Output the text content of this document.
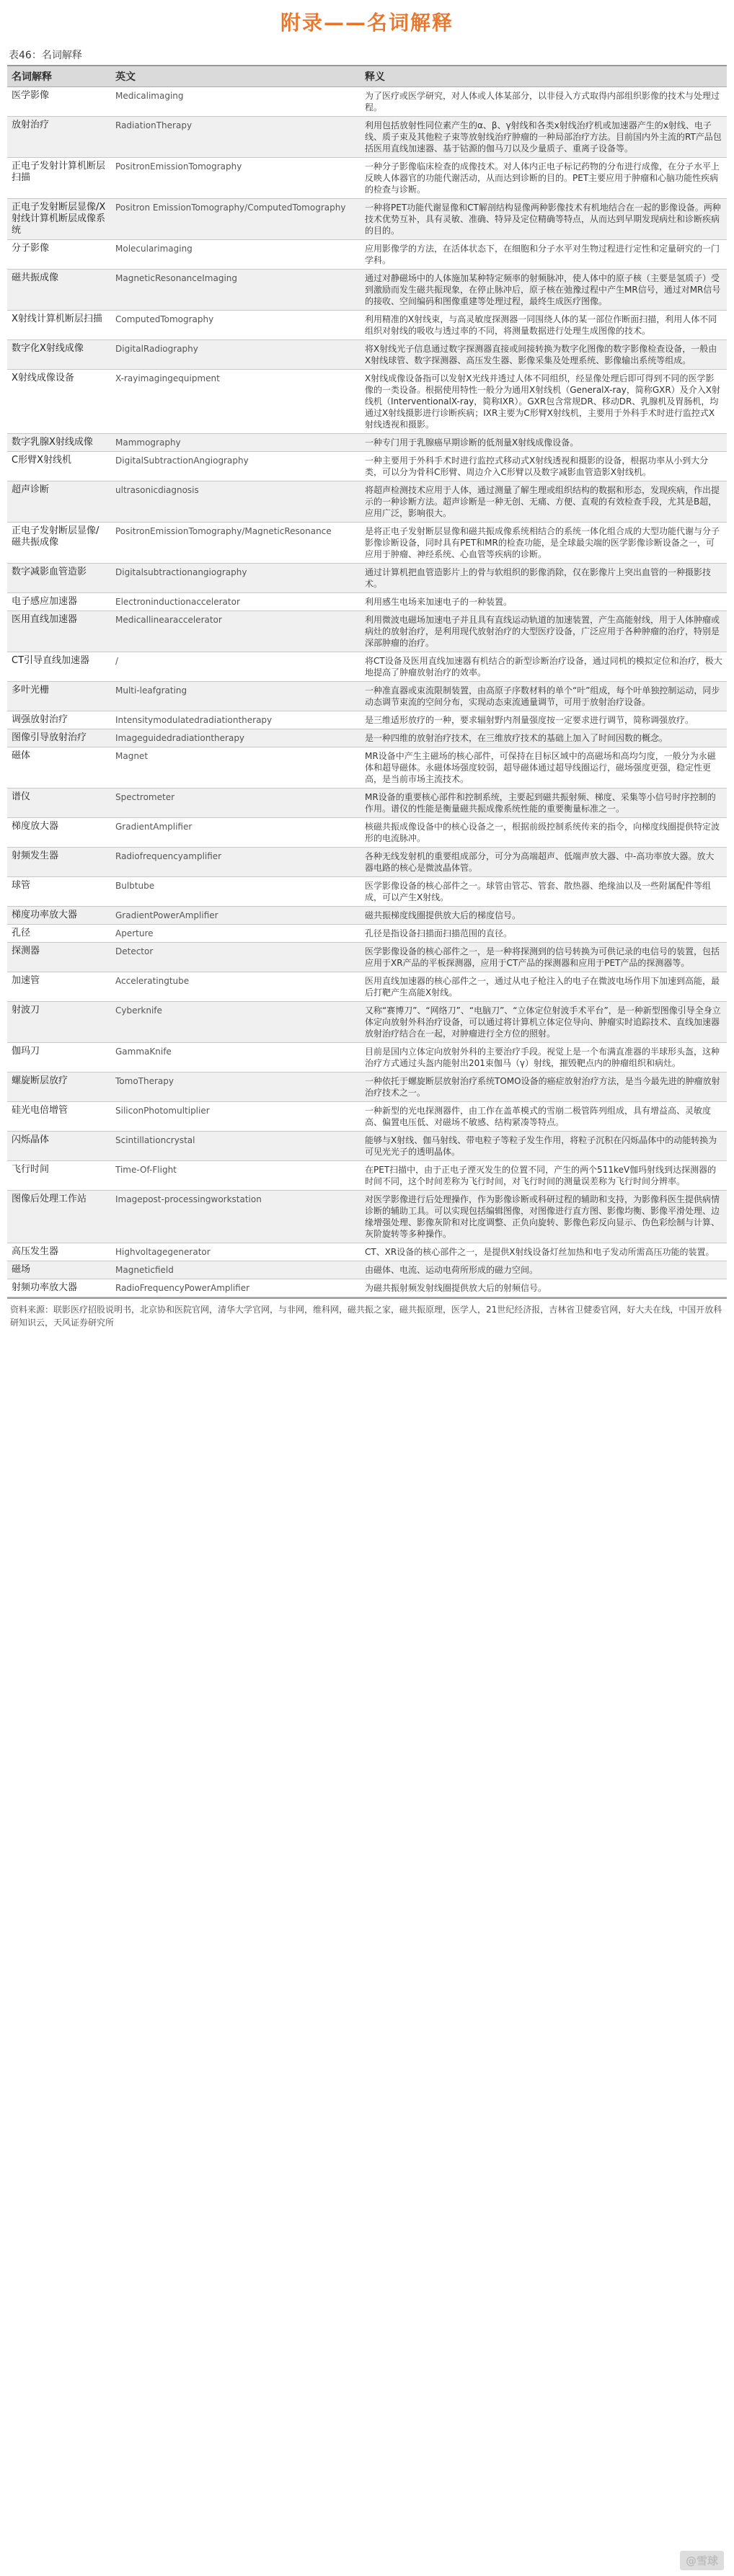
附录——名词解释
表46：名词解释
名词解释	英文	释义
医学影像	Medicalimaging	为了医疗或医学研究，对人体或人体某部分，以非侵入方式取得内部组织影像的技术与处理过程。
放射治疗	RadiationTherapy	利用包括放射性同位素产生的α、β、γ射线和各类x射线治疗机或加速器产生的x射线、电子线、质子束及其他粒子束等放射线治疗肿瘤的一种局部治疗方法。目前国内外主流的RT产品包括医用直线加速器、基于钴源的伽马刀以及少量质子、重离子设备等。
正电子发射计算机断层扫描	PositronEmissionTomography	一种分子影像临床检查的成像技术。对人体内正电子标记药物的分布进行成像，在分子水平上反映人体器官的功能代谢活动，从而达到诊断的目的。PET主要应用于肿瘤和心脑功能性疾病的检查与诊断。
正电子发射断层显像/X射线计算机断层成像系统	Positron EmissionTomography/ComputedTomography	一种将PET功能代谢显像和CT解剖结构显像两种影像技术有机地结合在一起的影像设备。两种技术优势互补，具有灵敏、准确、特异及定位精确等特点，从而达到早期发现病灶和诊断疾病的目的。
分子影像	Molecularimaging	应用影像学的方法，在活体状态下，在细胞和分子水平对生物过程进行定性和定量研究的一门学科。
磁共振成像	MagneticResonanceImaging	通过对静磁场中的人体施加某种特定频率的射频脉冲，使人体中的原子核（主要是氢质子）受到激励而发生磁共振现象，在停止脉冲后，原子核在弛豫过程中产生MR信号，通过对MR信号的接收、空间编码和图像重建等处理过程，最终生成医疗图像。
X射线计算机断层扫描	ComputedTomography	利用精准的X射线束，与高灵敏度探测器一同围绕人体的某一部位作断面扫描，利用人体不同组织对射线的吸收与透过率的不同，将测量数据进行处理生成图像的技术。
数字化X射线成像	DigitalRadiography	将X射线光子信息通过数字探测器直接或间接转换为数字化图像的数字影像检查设备，一般由X射线球管、数字探测器、高压发生器、影像采集及处理系统、影像输出系统等组成。
X射线成像设备	X-rayimagingequipment	X射线成像设备指可以发射X光线并透过人体不同组织，经显像处理后即可得到不同的医学影像的一类设备。根据使用特性一般分为通用X射线机（GeneralX-ray，简称GXR）及介入X射线机（InterventionalX-ray，简称IXR）。GXR包含常规DR、移动DR、乳腺机及胃肠机，均通过X射线摄影进行诊断疾病；IXR主要为C形臂X射线机，主要用于外科手术时进行监控式X射线透视和摄影。
数字乳腺X射线成像	Mammography	一种专门用于乳腺癌早期诊断的低剂量X射线成像设备。
C形臂X射线机	DigitalSubtractionAngiography	一种主要用于外科手术时进行监控式移动式X射线透视和摄影的设备，根据功率从小到大分类，可以分为骨科C形臂、周边介入C形臂以及数字减影血管造影X射线机。
超声诊断	ultrasonicdiagnosis	将超声检测技术应用于人体，通过测量了解生理或组织结构的数据和形态，发现疾病，作出提示的一种诊断方法。超声诊断是一种无创、无痛、方便、直观的有效检查手段，尤其是B超，应用广泛，影响很大。
正电子发射断层显像/磁共振成像	PositronEmissionTomography/MagneticResonance	是将正电子发射断层显像和磁共振成像系统相结合的系统一体化组合成的大型功能代谢与分子影像诊断设备，同时具有PET和MR的检查功能，是全球最尖端的医学影像诊断设备之一，可应用于肿瘤、神经系统、心血管等疾病的诊断。
数字减影血管造影	Digitalsubtractionangiography	通过计算机把血管造影片上的骨与软组织的影像消除，仅在影像片上突出血管的一种摄影技术。
电子感应加速器	Electroninductionaccelerator	利用感生电场来加速电子的一种装置。
医用直线加速器	Medicallinearaccelerator	利用微波电磁场加速电子并且具有直线运动轨道的加速装置，产生高能射线，用于人体肿瘤或病灶的放射治疗，是利用现代放射治疗的大型医疗设备，广泛应用于各种肿瘤的治疗，特别是深部肿瘤的治疗。
CT引导直线加速器	/	将CT设备及医用直线加速器有机结合的新型诊断治疗设备，通过同机的模拟定位和治疗，极大地提高了肿瘤放射治疗的效率。
多叶光栅	Multi-leafgrating	一种准直器或束流限制装置，由高原子序数材料的单个“叶”组成，每个叶单独控制运动，同步动态调节束流的空间分布，实现动态束流通量调节，可用于放射治疗设备。
调强放射治疗	Intensitymodulatedradiationtherapy	是三维适形放疗的一种，要求辐射野内剂量强度按一定要求进行调节，简称调强放疗。
图像引导放射治疗	Imageguidedradiationtherapy	是一种四维的放射治疗技术，在三维放疗技术的基础上加入了时间因数的概念。
磁体	Magnet	MR设备中产生主磁场的核心部件，可保持在目标区域中的高磁场和高均匀度，一般分为永磁体和超导磁体。永磁体场强度较弱，超导磁体通过超导线圈运行，磁场强度更强，稳定性更高，是当前市场主流技术。
谱仪	Spectrometer	MR设备的重要核心部件和控制系统，主要起到磁共振射频、梯度、采集等小信号时序控制的作用。谱仪的性能是衡量磁共振成像系统性能的重要衡量标准之一。
梯度放大器	GradientAmplifier	核磁共振成像设备中的核心设备之一，根据前级控制系统传来的指令，向梯度线圈提供特定波形的电流脉冲。
射频发生器	Radiofrequencyamplifier	各种无线发射机的重要组成部分，可分为高端超声、低端声放大器、中-高功率放大器。放大器电路的核心是微波晶体管。
球管	Bulbtube	医学影像设备的核心部件之一。球管由管芯、管套、散热器、绝缘油以及一些附属配件等组成，可以产生X射线。
梯度功率放大器	GradientPowerAmplifier	磁共振梯度线圈提供放大后的梯度信号。
孔径	Aperture	孔径是指设备扫描面扫描范围的直径。
探测器	Detector	医学影像设备的核心部件之一，是一种将探测到的信号转换为可供记录的电信号的装置，包括应用于XR产品的平板探测器，应用于CT产品的探测器和应用于PET产品的探测器等。
加速管	Acceleratingtube	医用直线加速器的核心部件之一，通过从电子枪注入的电子在微波电场作用下加速到高能，最后打靶产生高能X射线。
射波刀	Cyberknife	又称“赛博刀”、“网络刀”、“电脑刀”、“立体定位射波手术平台”，是一种新型图像引导全身立体定向放射外科治疗设备，可以通过将计算机立体定位导向、肿瘤实时追踪技术、直线加速器放射治疗结合在一起，对肿瘤进行全方位的照射。
伽玛刀	GammaKnife	目前是国内立体定向放射外科的主要治疗手段。视觉上是一个布满直准器的半球形头盔，这种治疗方式通过头盔内能射出201束伽马（γ）射线，摧毁靶点内的肿瘤组织和病灶。
螺旋断层放疗	TomoTherapy	一种依托于螺旋断层放射治疗系统TOMO设备的癌症放射治疗方法，是当今最先进的肿瘤放射治疗技术之一。
硅光电倍增管	SiliconPhotomultiplier	一种新型的光电探测器件，由工作在盖革模式的雪崩二极管阵列组成，具有增益高、灵敏度高、偏置电压低、对磁场不敏感、结构紧凑等特点。
闪烁晶体	Scintillationcrystal	能够与X射线、伽马射线、带电粒子等粒子发生作用，将粒子沉积在闪烁晶体中的动能转换为可见光光子的透明晶体。
飞行时间	Time-Of-Flight	在PET扫描中，由于正电子湮灭发生的位置不同，产生的两个511keV伽玛射线到达探测器的时间不同，这个时间差称为飞行时间，对飞行时间的测量误差称为飞行时间分辨率。
图像后处理工作站	Imagepost-processingworkstation	对医学影像进行后处理操作，作为影像诊断或科研过程的辅助和支持，为影像科医生提供病情诊断的辅助工具。可以实现包括编辑图像，对图像进行直方图、影像均衡、影像平滑处理、边缘增强处理、影像灰阶和对比度调整、正负向旋转、影像色彩反向显示、伪色彩绘制与计算、灰阶旋转等多种操作。
高压发生器	Highvoltagegenerator	CT、XR设备的核心部件之一，是提供X射线设备灯丝加热和电子发动所需高压功能的装置。
磁场	Magneticfield	由磁体、电流、运动电荷所形成的磁力空间。
射频功率放大器	RadioFrequencyPowerAmplifier	为磁共振射频发射线圈提供放大后的射频信号。
资料来源：联影医疗招股说明书，北京协和医院官网，清华大学官网，与非网，维科网，磁共振之家，磁共振原理，医学人，21世纪经济报，吉林省卫健委官网，好大夫在线，中国开放科研知识云，天风证券研究所
@雪球
